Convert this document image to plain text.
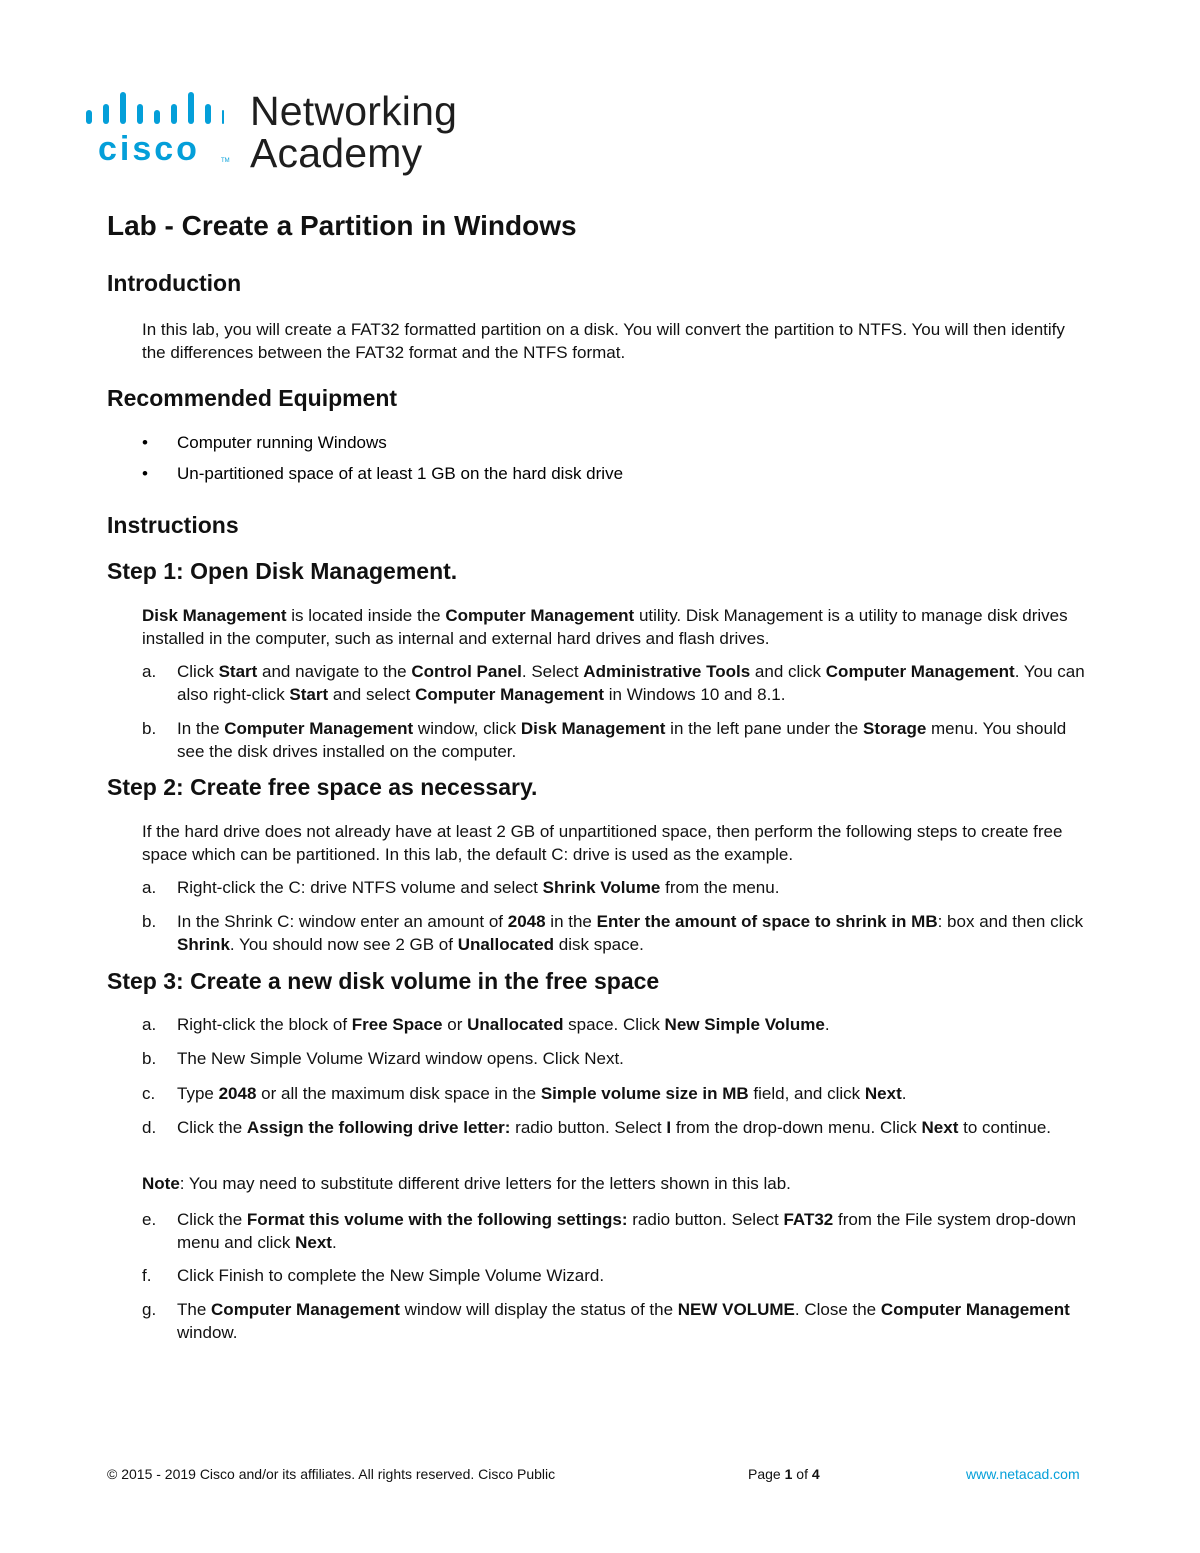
cisco	TM
Networking
Academy
Lab - Create a Partition in Windows
Introduction
In this lab, you will create a FAT32 formatted partition on a disk. You will convert the partition to NTFS. You will then identify the differences between the FAT32 format and the NTFS format.
Recommended Equipment
•	Computer running Windows
•	Un-partitioned space of at least 1 GB on the hard disk drive
Instructions
Step 1: Open Disk Management.
Disk Management is located inside the Computer Management utility. Disk Management is a utility to manage disk drives installed in the computer, such as internal and external hard drives and flash drives.
a. Click Start and navigate to the Control Panel. Select Administrative Tools and click Computer Management. You can also right-click Start and select Computer Management in Windows 10 and 8.1.
b. In the Computer Management window, click Disk Management in the left pane under the Storage menu. You should see the disk drives installed on the computer.
Step 2: Create free space as necessary.
If the hard drive does not already have at least 2 GB of unpartitioned space, then perform the following steps to create free space which can be partitioned. In this lab, the default C: drive is used as the example.
a. Right-click the C: drive NTFS volume and select Shrink Volume from the menu.
b. In the Shrink C: window enter an amount of 2048 in the Enter the amount of space to shrink in MB: box and then click Shrink. You should now see 2 GB of Unallocated disk space.
Step 3: Create a new disk volume in the free space
a. Right-click the block of Free Space or Unallocated space. Click New Simple Volume.
b. The New Simple Volume Wizard window opens. Click Next.
c. Type 2048 or all the maximum disk space in the Simple volume size in MB field, and click Next.
d. Click the Assign the following drive letter: radio button. Select I from the drop-down menu. Click Next to continue.
Note: You may need to substitute different drive letters for the letters shown in this lab.
e. Click the Format this volume with the following settings: radio button. Select FAT32 from the File system drop-down menu and click Next.
f. Click Finish to complete the New Simple Volume Wizard.
g. The Computer Management window will display the status of the NEW VOLUME. Close the Computer Management window.
© 2015 - 2019 Cisco and/or its affiliates. All rights reserved. Cisco Public	Page 1 of 4	www.netacad.com
